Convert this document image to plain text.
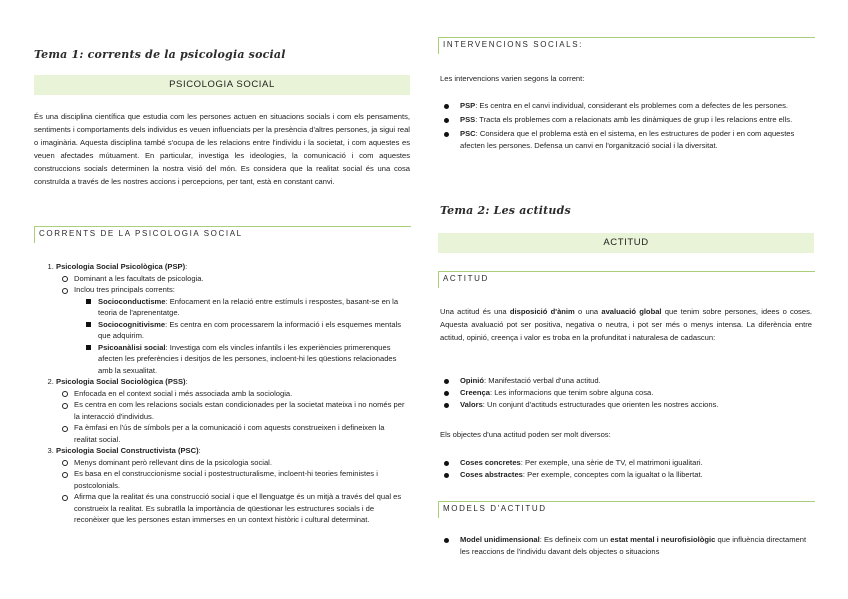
Tema 1: corrents de la psicologia social
PSICOLOGIA SOCIAL
És una disciplina científica que estudia com les persones actuen en situacions socials i com els pensaments, sentiments i comportaments dels individus es veuen influenciats per la presència d'altres persones, ja sigui real o imaginària. Aquesta disciplina també s'ocupa de les relacions entre l'individu i la societat, i com aquestes es veuen afectades mútuament. En particular, investiga les ideologies, la comunicació i com aquestes construccions socials determinen la nostra visió del món. Es considera que la realitat social és una cosa construïda a través de les nostres accions i percepcions, per tant, està en constant canvi.
CORRENTS DE LA PSICOLOGIA SOCIAL
1. Psicologia Social Psicològica (PSP):
Dominant a les facultats de psicologia.
Inclou tres principals corrents:
Socioconductisme: Enfocament en la relació entre estímuls i respostes, basant-se en la teoria de l'aprenentatge.
Sociocognitivisme: Es centra en com processarem la informació i els esquemes mentals que adquirim.
Psicoanàlisi social: Investiga com els vincles infantils i les experiències primerenques afecten les preferències i desitjos de les persones, incloent-hi les qüestions relacionades amb la sexualitat.
2. Psicologia Social Sociològica (PSS):
Enfocada en el context social i més associada amb la sociologia.
Es centra en com les relacions socials estan condicionades per la societat mateixa i no només per la interacció d'individus.
Fa èmfasi en l'ús de símbols per a la comunicació i com aquests construeixen i defineixen la realitat social.
3. Psicologia Social Constructivista (PSC):
Menys dominant però rellevant dins de la psicologia social.
Es basa en el construccionisme social i postestructuralisme, incloent-hi teories feministes i postcolonials.
Afirma que la realitat és una construcció social i que el llenguatge és un mitjà a través del qual es construeix la realitat. Es subratlla la importància de qüestionar les estructures socials i de reconèixer que les persones estan immerses en un context històric i cultural determinat.
INTERVENCIONS SOCIALS:
Les intervencions varien segons la corrent:
PSP: Es centra en el canvi individual, considerant els problemes com a defectes de les persones.
PSS: Tracta els problemes com a relacionats amb les dinàmiques de grup i les relacions entre ells.
PSC: Considera que el problema està en el sistema, en les estructures de poder i en com aquestes afecten les persones. Defensa un canvi en l'organització social i la diversitat.
Tema 2: Les actituds
ACTITUD
ACTITUD
Una actitud és una disposició d'ànim o una avaluació global que tenim sobre persones, idees o coses. Aquesta avaluació pot ser positiva, negativa o neutra, i pot ser més o menys intensa. La diferència entre actitud, opinió, creença i valor es troba en la profunditat i naturalesa de cadascun:
Opinió: Manifestació verbal d'una actitud.
Creença: Les informacions que tenim sobre alguna cosa.
Valors: Un conjunt d'actituds estructurades que orienten les nostres accions.
Els objectes d'una actitud poden ser molt diversos:
Coses concretes: Per exemple, una sèrie de TV, el matrimoni igualitari.
Coses abstractes: Per exemple, conceptes com la igualtat o la llibertat.
MODELS D'ACTITUD
Model unidimensional: Es defineix com un estat mental i neurofisiològic que influència directament les reaccions de l'individu davant dels objectes o situacions
